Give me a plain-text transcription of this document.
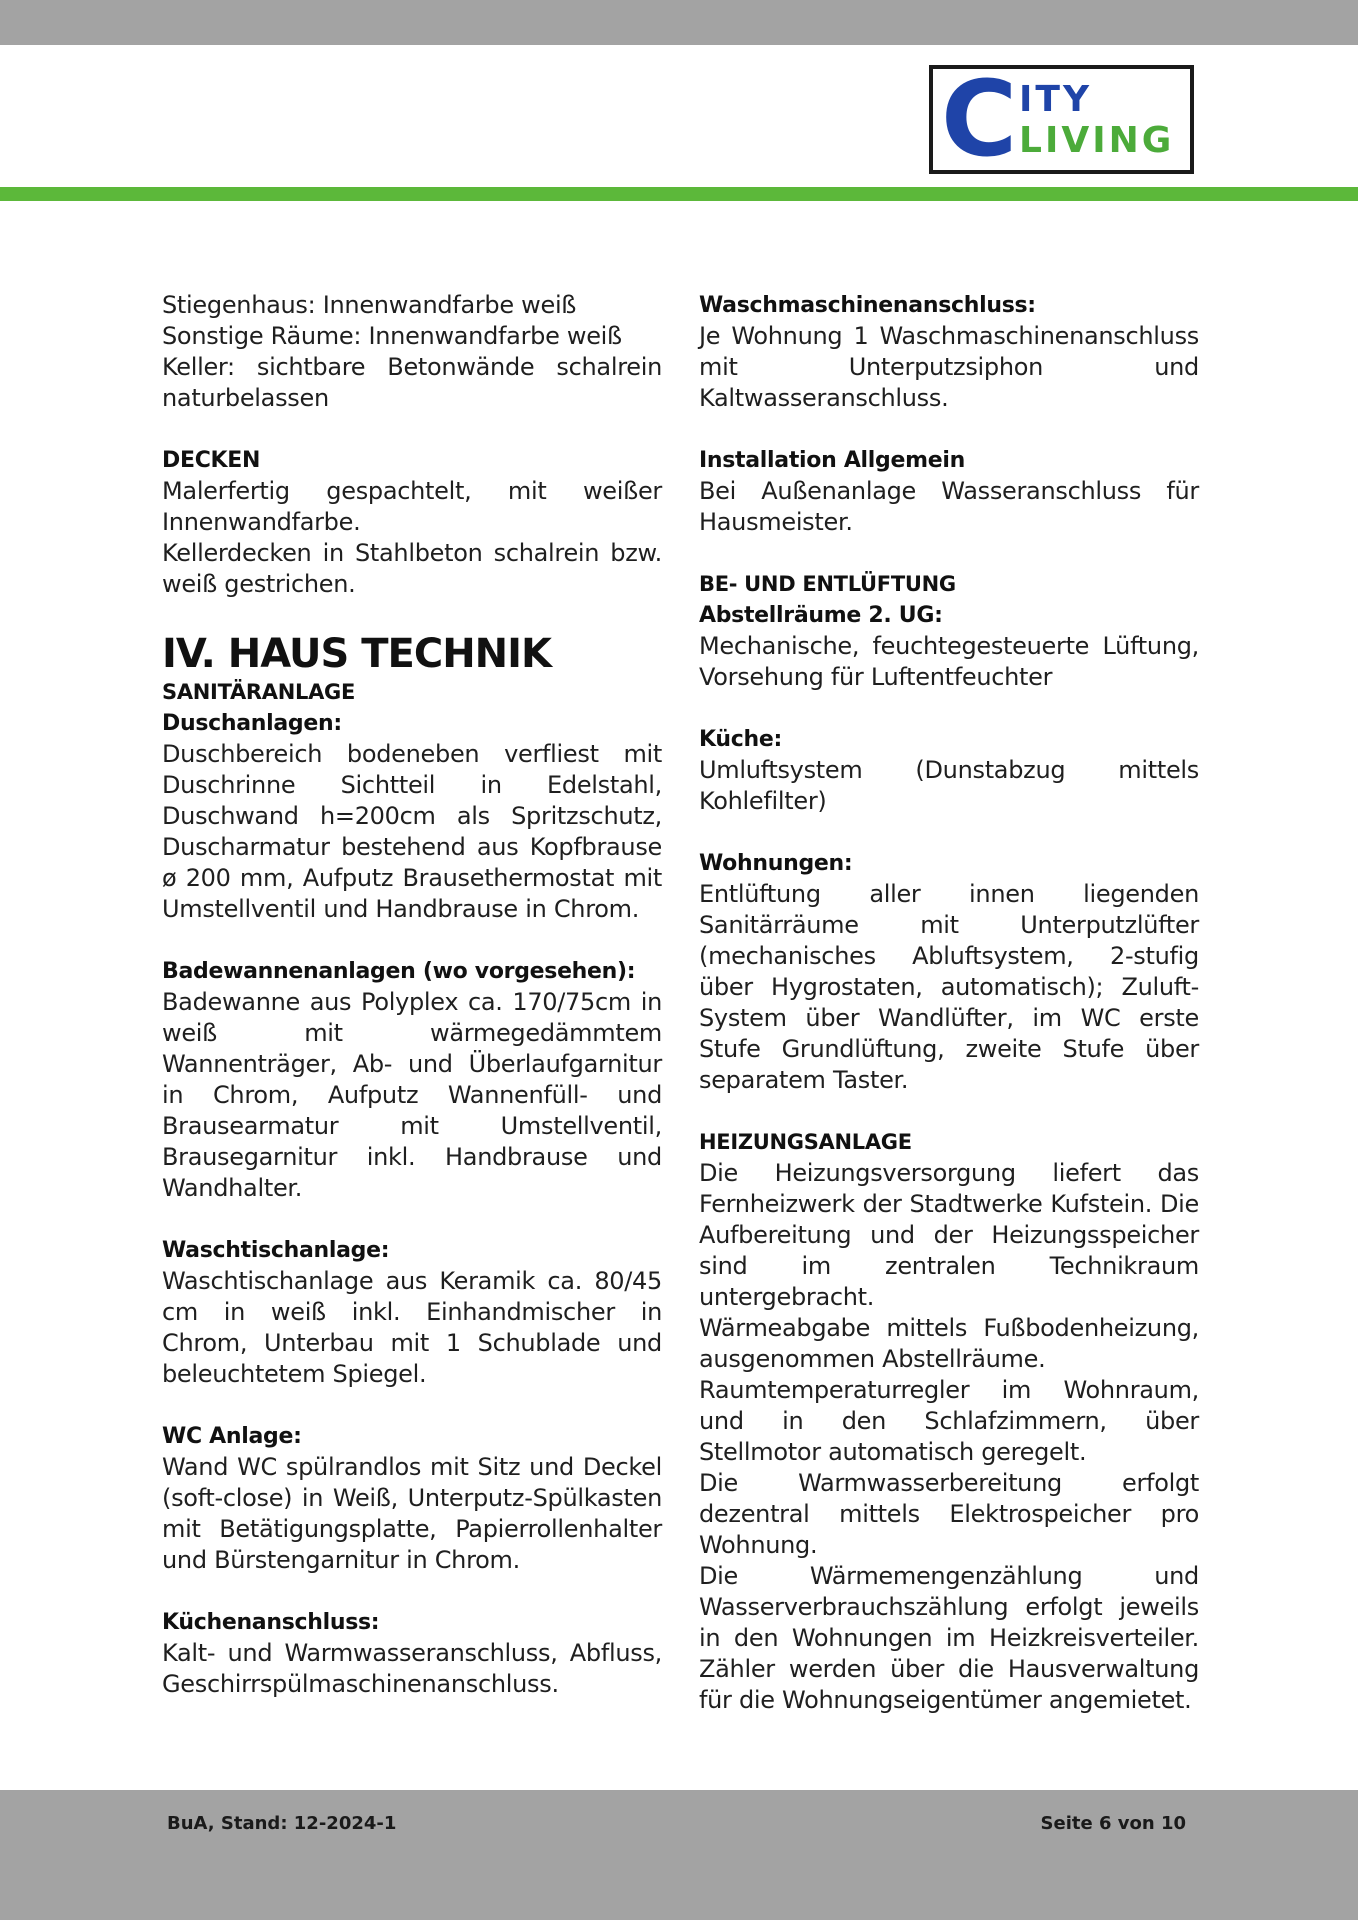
C ITY
LIVING

Stiegenhaus: Innenwandfarbe weiß
Sonstige Räume: Innenwandfarbe weiß
Keller: sichtbare Betonwände schalrein naturbelassen

DECKEN

Malerfertig gespachtelt, mit weißer Innenwandfarbe.
Kellerdecken in Stahlbeton schalrein bzw. weiß gestrichen.

IV. HAUS TECHNIK

SANITÄRANLAGE

Duschanlagen:

Duschbereich bodeneben verfliest mit Duschrinne Sichtteil in Edelstahl, Duschwand h=200cm als Spritzschutz, Duscharmatur bestehend aus Kopfbrause ø 200 mm, Aufputz Brausethermostat mit Umstellventil und Handbrause in Chrom.

Badewannenanlagen (wo vorgesehen):

Badewanne aus Polyplex ca. 170/75cm in weiß mit wärmegedämmtem Wannenträger, Ab- und Überlaufgarnitur in Chrom, Aufputz Wannenfüll- und Brausearmatur mit Umstellventil, Brausegarnitur inkl. Handbrause und Wandhalter.

Waschtischanlage:

Waschtischanlage aus Keramik ca. 80/45 cm in weiß inkl. Einhandmischer in Chrom, Unterbau mit 1 Schublade und beleuchtetem Spiegel.

WC Anlage:

Wand WC spülrandlos mit Sitz und Deckel (soft-close) in Weiß, Unterputz-Spülkasten mit Betätigungsplatte, Papierrollenhalter und Bürstengarnitur in Chrom.

Küchenanschluss:

Kalt- und Warmwasseranschluss, Abfluss, Geschirrspülmaschinenanschluss.

Waschmaschinenanschluss:

Je Wohnung 1 Waschmaschinenanschluss mit Unterputzsiphon und Kaltwasseranschluss.

Installation Allgemein

Bei Außenanlage Wasseranschluss für Hausmeister.

BE- UND ENTLÜFTUNG

Abstellräume 2. UG:

Mechanische, feuchtegesteuerte Lüftung, Vorsehung für Luftentfeuchter

Küche:

Umluftsystem (Dunstabzug mittels Kohlefilter)

Wohnungen:

Entlüftung aller innen liegenden Sanitärräume mit Unterputzlüfter (mechanisches Abluftsystem, 2-stufig über Hygrostaten, automatisch); Zuluft-System über Wandlüfter, im WC erste Stufe Grundlüftung, zweite Stufe über separatem Taster.

HEIZUNGSANLAGE

Die Heizungsversorgung liefert das Fernheizwerk der Stadtwerke Kufstein. Die Aufbereitung und der Heizungsspeicher sind im zentralen Technikraum untergebracht.

Wärmeabgabe mittels Fußbodenheizung, ausgenommen Abstellräume.

Raumtemperaturregler im Wohnraum, und in den Schlafzimmern, über Stellmotor automatisch geregelt.

Die Warmwasserbereitung erfolgt dezentral mittels Elektrospeicher pro Wohnung.

Die Wärmemengenzählung und Wasserverbrauchszählung erfolgt jeweils in den Wohnungen im Heizkreisverteiler. Zähler werden über die Hausverwaltung für die Wohnungseigentümer angemietet.

BuA, Stand: 12-2024-1	Seite 6 von 10
